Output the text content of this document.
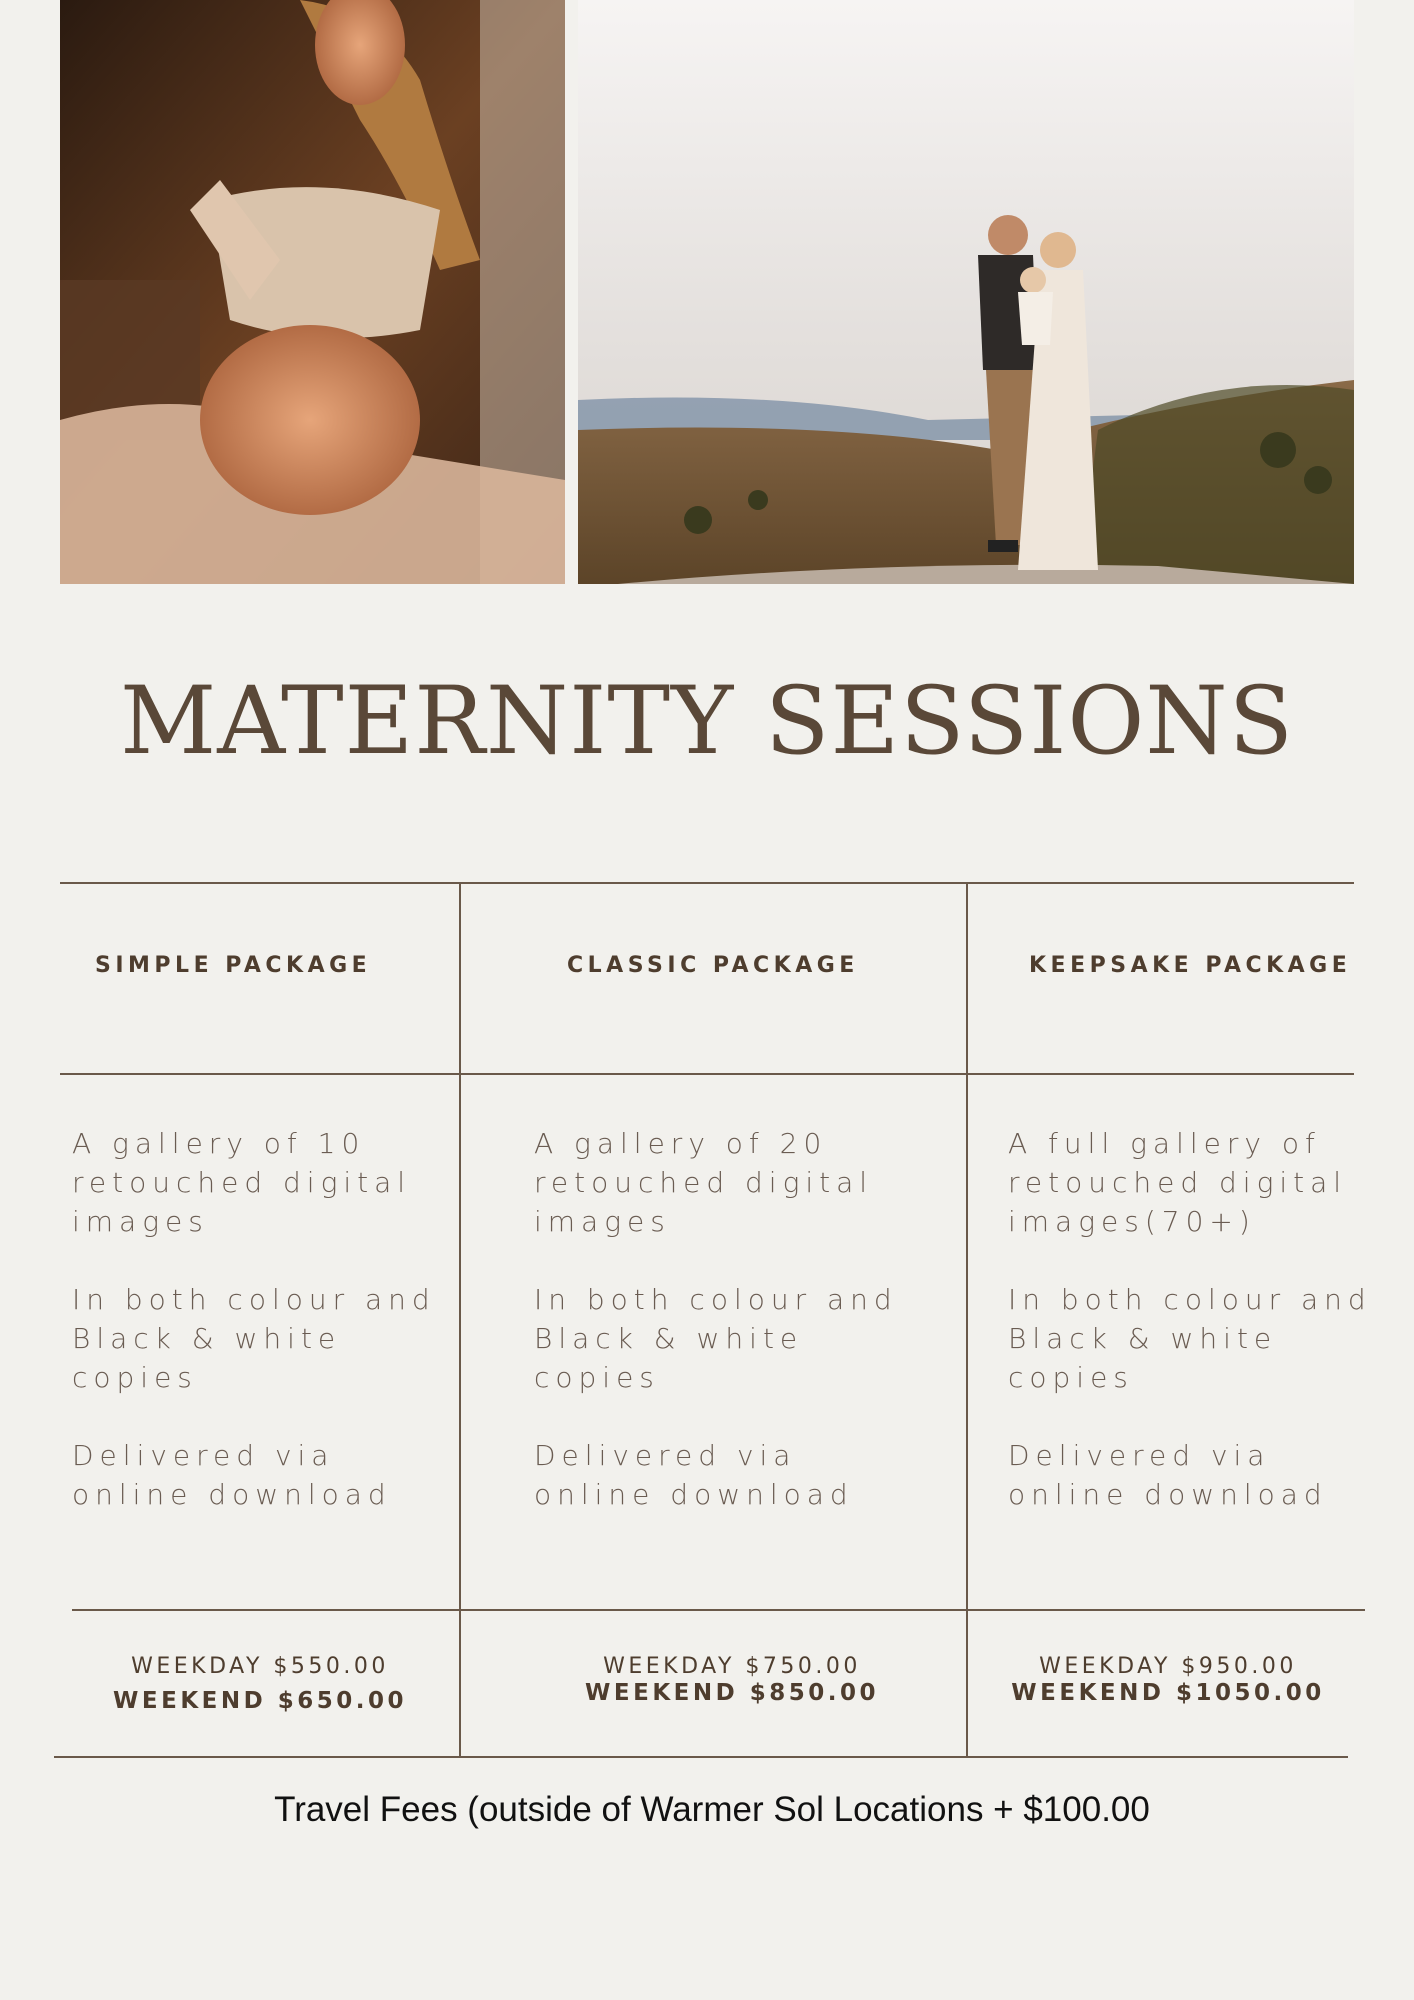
MATERNITY SESSIONS
SIMPLE PACKAGE	CLASSIC PACKAGE	KEEPSAKE PACKAGE

A gallery of 10
retouched digital
images

In both colour and
Black & white
copies

Delivered via
online download

A gallery of 20
retouched digital
images

In both colour and
Black & white
copies

Delivered via
online download

A full gallery of
retouched digital
images(70+)

In both colour and
Black & white
copies

Delivered via
online download

WEEKDAY $550.00
WEEKEND $650.00
WEEKDAY $750.00
WEEKEND $850.00
WEEKDAY $950.00
WEEKEND $1050.00
Travel Fees (outside of Warmer Sol Locations + $100.00
